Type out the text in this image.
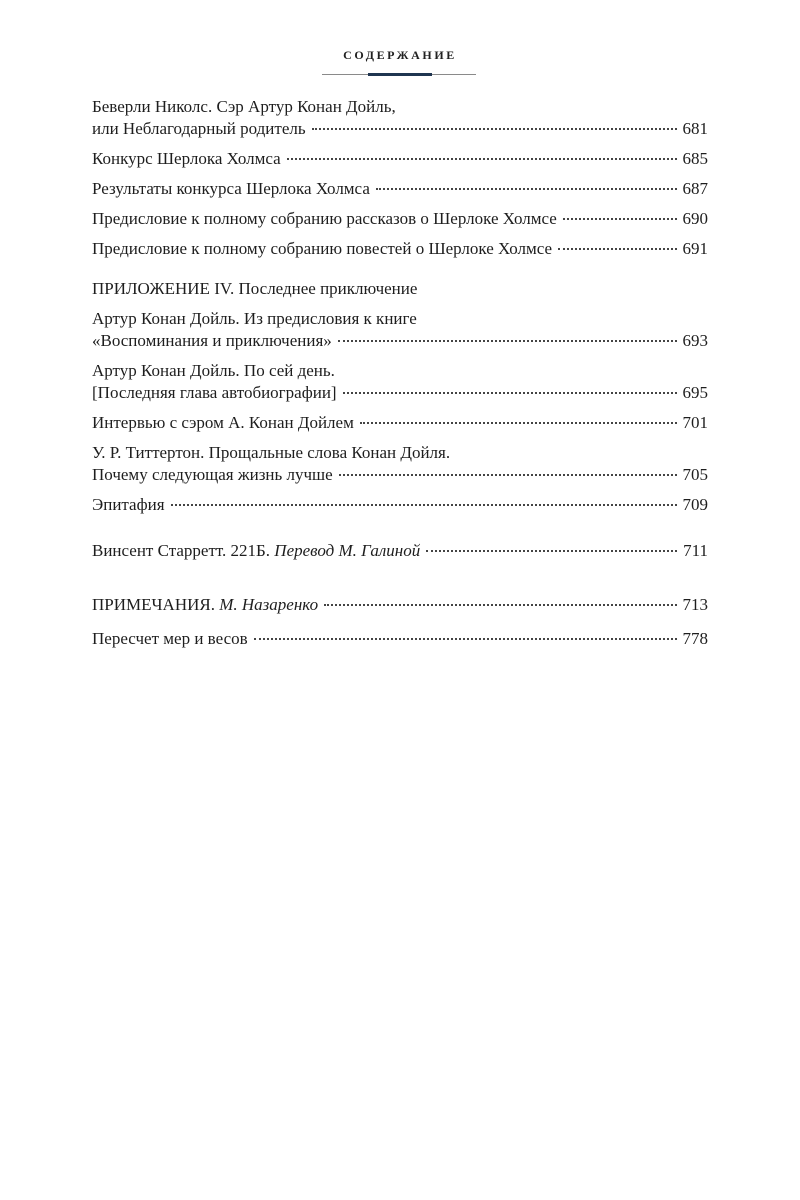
СОДЕРЖАНИЕ
Беверли Николс. Сэр Артур Конан Дойль,
или Неблагодарный родитель	681
Конкурс Шерлока Холмса	685
Результаты конкурса Шерлока Холмса	687
Предисловие к полному собранию рассказов о Шерлоке Холмсе	690
Предисловие к полному собранию повестей о Шерлоке Холмсе	691
ПРИЛОЖЕНИЕ IV. Последнее приключение
Артур Конан Дойль. Из предисловия к книге
«Воспоминания и приключения»	693
Артур Конан Дойль. По сей день.
[Последняя глава автобиографии]	695
Интервью с сэром А. Конан Дойлем	701
У. Р. Титтертон. Прощальные слова Конан Дойля.
Почему следующая жизнь лучше	705
Эпитафия	709
Винсент Старретт. 221Б. Перевод М. Галиной	711
ПРИМЕЧАНИЯ. М. Назаренко	713
Пересчет мер и весов	778
